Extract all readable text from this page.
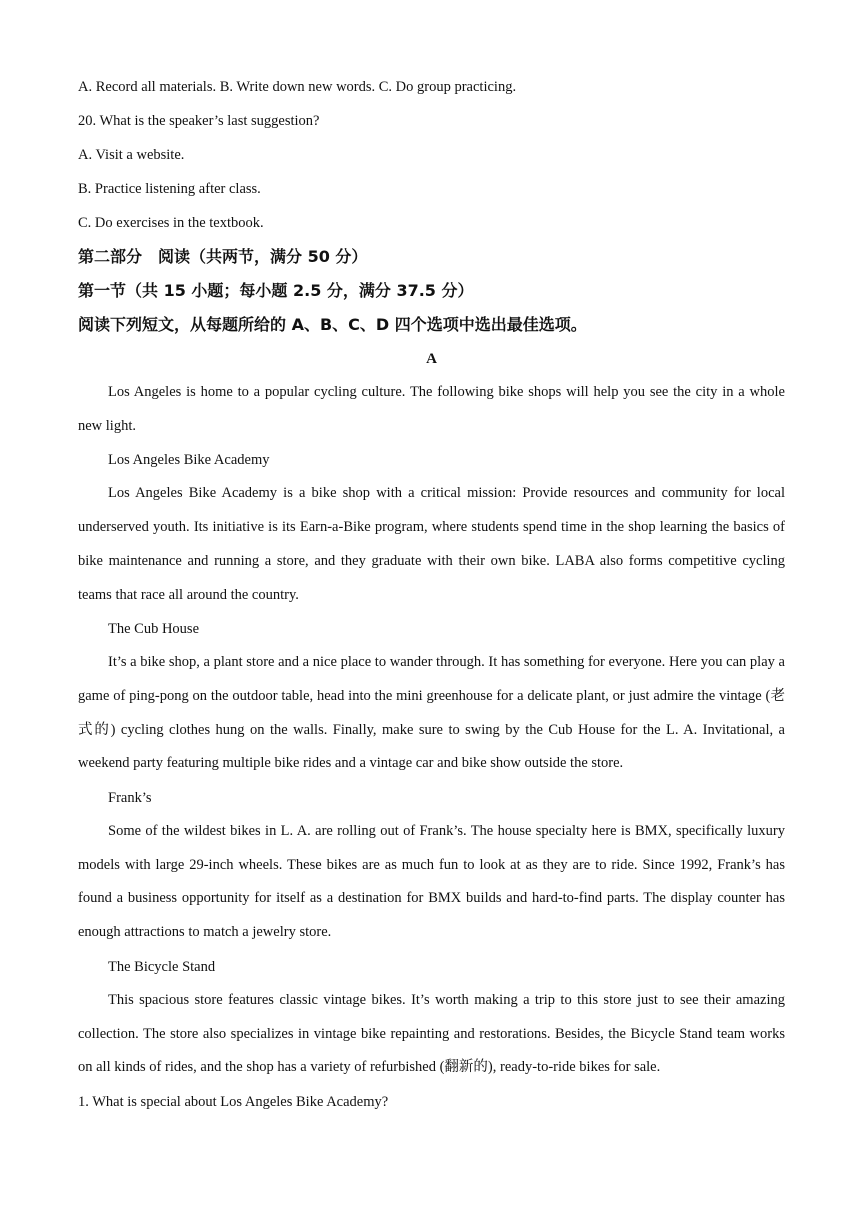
A. Record all materials. B. Write down new words. C. Do group practicing.

20. What is the speaker’s last suggestion?

A. Visit a website.

B. Practice listening after class.

C. Do exercises in the textbook.

第二部分　阅读（共两节，满分 50 分）

第一节（共 15 小题；每小题 2.5 分，满分 37.5 分）

阅读下列短文，从每题所给的 A、B、C、D 四个选项中选出最佳选项。

A

Los Angeles is home to a popular cycling culture. The following bike shops will help you see the city in a whole new light.

Los Angeles Bike Academy

Los Angeles Bike Academy is a bike shop with a critical mission: Provide resources and community for local underserved youth. Its initiative is its Earn-a-Bike program, where students spend time in the shop learning the basics of bike maintenance and running a store, and they graduate with their own bike. LABA also forms competitive cycling teams that race all around the country.

The Cub House

It’s a bike shop, a plant store and a nice place to wander through. It has something for everyone. Here you can play a game of ping-pong on the outdoor table, head into the mini greenhouse for a delicate plant, or just admire the vintage (老式的) cycling clothes hung on the walls. Finally, make sure to swing by the Cub House for the L. A. Invitational, a weekend party featuring multiple bike rides and a vintage car and bike show outside the store.

Frank’s

Some of the wildest bikes in L. A. are rolling out of Frank’s. The house specialty here is BMX, specifically luxury models with large 29-inch wheels. These bikes are as much fun to look at as they are to ride. Since 1992, Frank’s has found a business opportunity for itself as a destination for BMX builds and hard-to-find parts. The display counter has enough attractions to match a jewelry store.

The Bicycle Stand

This spacious store features classic vintage bikes. It’s worth making a trip to this store just to see their amazing collection. The store also specializes in vintage bike repainting and restorations. Besides, the Bicycle Stand team works on all kinds of rides, and the shop has a variety of refurbished (翻新的), ready-to-ride bikes for sale.

1. What is special about Los Angeles Bike Academy?
